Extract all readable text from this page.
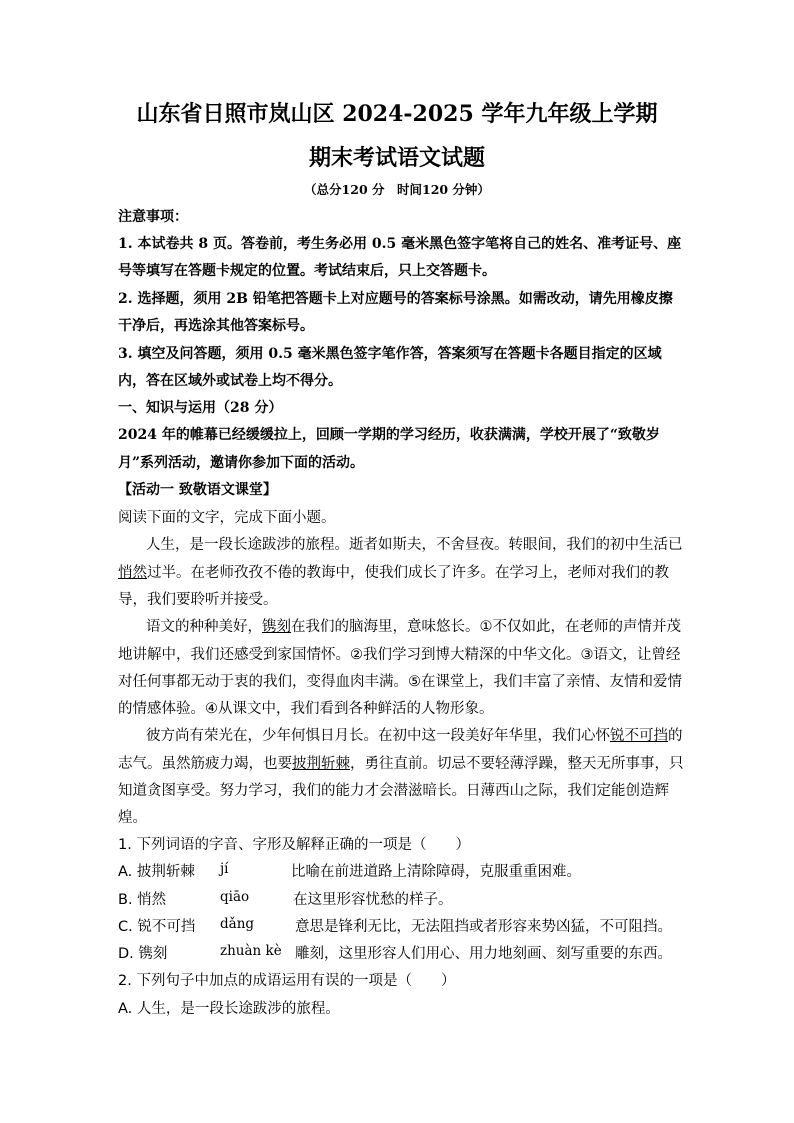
山东省日照市岚山区 2024-2025 学年九年级上学期
期末考试语文试题
（总分120 分　时间120 分钟）
注意事项：
1. 本试卷共 8 页。答卷前，考生务必用 0.5 毫米黑色签字笔将自己的姓名、准考证号、座
号等填写在答题卡规定的位置。考试结束后，只上交答题卡。
2. 选择题，须用 2B 铅笔把答题卡上对应题号的答案标号涂黑。如需改动，请先用橡皮擦
干净后，再选涂其他答案标号。
3. 填空及问答题，须用 0.5 毫米黑色签字笔作答，答案须写在答题卡各题目指定的区域
内，答在区域外或试卷上均不得分。
一、知识与运用（28 分）
2024 年的帷幕已经缓缓拉上，回顾一学期的学习经历，收获满满，学校开展了“致敬岁
月”系列活动，邀请你参加下面的活动。
【活动一 致敬语文课堂】
阅读下面的文字，完成下面小题。
人生，是一段长途跋涉的旅程。逝者如斯夫，不舍昼夜。转眼间，我们的初中生活已
悄然过半。在老师孜孜不倦的教诲中，使我们成长了许多。在学习上，老师对我们的教
导，我们要聆听并接受。
语文的种种美好，镌刻在我们的脑海里，意味悠长。①不仅如此，在老师的声情并茂
地讲解中，我们还感受到家国情怀。②我们学习到博大精深的中华文化。③语文，让曾经
对任何事都无动于衷的我们，变得血肉丰满。⑤在课堂上，我们丰富了亲情、友情和爱情
的情感体验。④从课文中，我们看到各种鲜活的人物形象。
彼方尚有荣光在，少年何惧日月长。在初中这一段美好年华里，我们心怀锐不可挡的
志气。虽然筋疲力竭，也要披荆斩棘，勇往直前。切忌不要轻薄浮躁，整天无所事事，只
知道贪图享受。努力学习，我们的能力才会潜滋暗长。日薄西山之际，我们定能创造辉
煌。
1. 下列词语的字音、字形及解释正确的一项是（　　）
A. 披荆斩棘 jí	比喻在前进道路上清除障碍，克服重重困难。
B. 悄然	qiāo	在这里形容忧愁的样子。
C. 锐不可挡 dǎng	意思是锋利无比，无法阻挡或者形容来势凶猛，不可阻挡。
D. 镌刻	zhuàn kè 雕刻，这里形容人们用心、用力地刻画、刻写重要的东西。
2. 下列句子中加点的成语运用有误的一项是（　　）
A. 人生，是一段长途跋涉的旅程。
